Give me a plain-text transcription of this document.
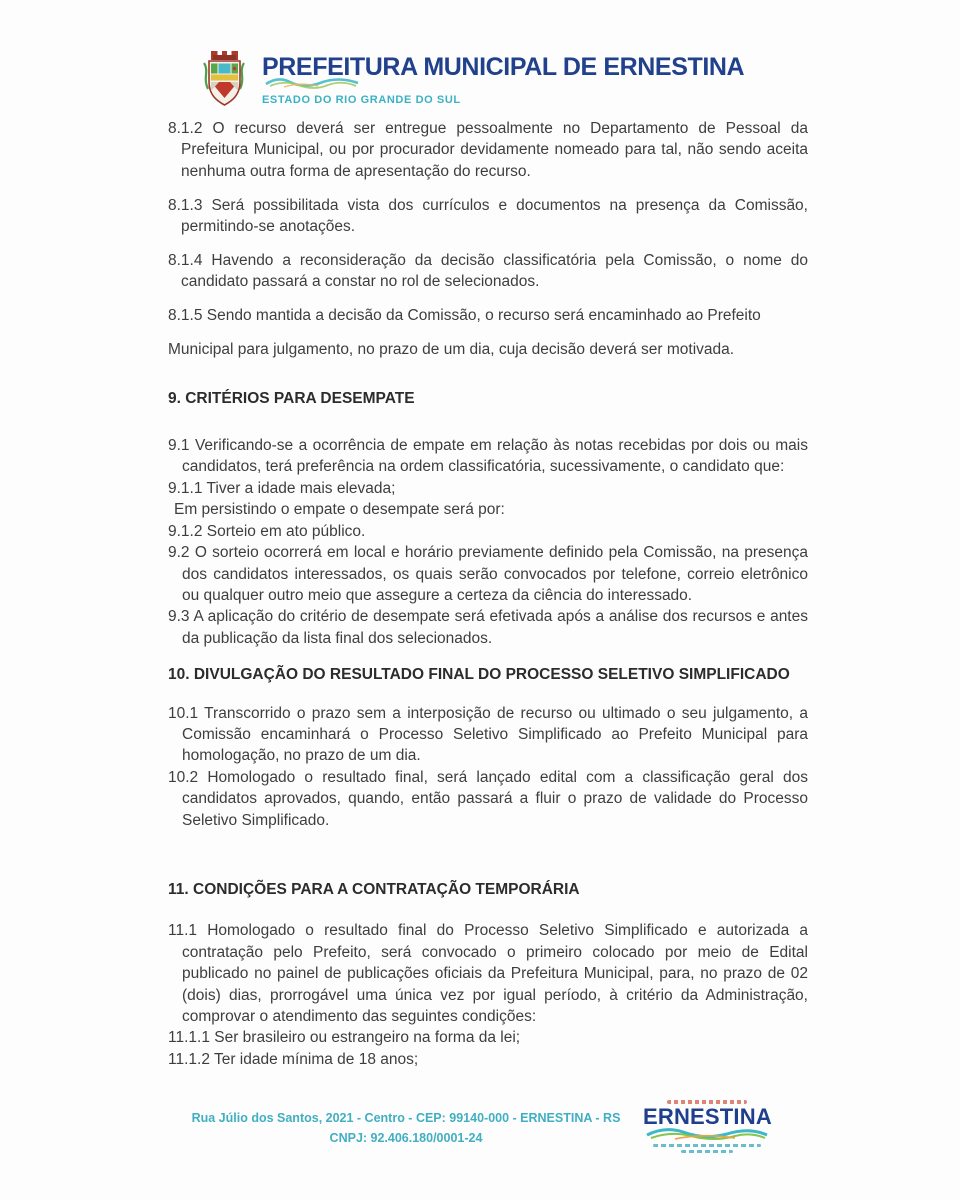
PREFEITURA MUNICIPAL DE ERNESTINA
ESTADO DO RIO GRANDE DO SUL

8.1.2 O recurso deverá ser entregue pessoalmente no Departamento de Pessoal da Prefeitura Municipal, ou por procurador devidamente nomeado para tal, não sendo aceita nenhuma outra forma de apresentação do recurso.

8.1.3 Será possibilitada vista dos currículos e documentos na presença da Comissão, permitindo-se anotações.

8.1.4 Havendo a reconsideração da decisão classificatória pela Comissão, o nome do candidato passará a constar no rol de selecionados.

8.1.5 Sendo mantida a decisão da Comissão, o recurso será encaminhado ao Prefeito

Municipal para julgamento, no prazo de um dia, cuja decisão deverá ser motivada.

9. CRITÉRIOS PARA DESEMPATE

9.1 Verificando-se a ocorrência de empate em relação às notas recebidas por dois ou mais candidatos, terá preferência na ordem classificatória, sucessivamente, o candidato que:

9.1.1 Tiver a idade mais elevada;

Em persistindo o empate o desempate será por:

9.1.2 Sorteio em ato público.

9.2 O sorteio ocorrerá em local e horário previamente definido pela Comissão, na presença dos candidatos interessados, os quais serão convocados por telefone, correio eletrônico ou qualquer outro meio que assegure a certeza da ciência do interessado.

9.3 A aplicação do critério de desempate será efetivada após a análise dos recursos e antes da publicação da lista final dos selecionados.

10. DIVULGAÇÃO DO RESULTADO FINAL DO PROCESSO SELETIVO SIMPLIFICADO

10.1 Transcorrido o prazo sem a interposição de recurso ou ultimado o seu julgamento, a Comissão encaminhará o Processo Seletivo Simplificado ao Prefeito Municipal para homologação, no prazo de um dia.

10.2 Homologado o resultado final, será lançado edital com a classificação geral dos candidatos aprovados, quando, então passará a fluir o prazo de validade do Processo Seletivo Simplificado.

11. CONDIÇÕES PARA A CONTRATAÇÃO TEMPORÁRIA

11.1 Homologado o resultado final do Processo Seletivo Simplificado e autorizada a contratação pelo Prefeito, será convocado o primeiro colocado por meio de Edital publicado no painel de publicações oficiais da Prefeitura Municipal, para, no prazo de 02 (dois) dias, prorrogável uma única vez por igual período, à critério da Administração, comprovar o atendimento das seguintes condições:

11.1.1 Ser brasileiro ou estrangeiro na forma da lei;

11.1.2 Ter idade mínima de 18 anos;

Rua Júlio dos Santos, 2021 - Centro - CEP: 99140-000 - ERNESTINA - RS
CNPJ: 92.406.180/0001-24
ERNESTINA
